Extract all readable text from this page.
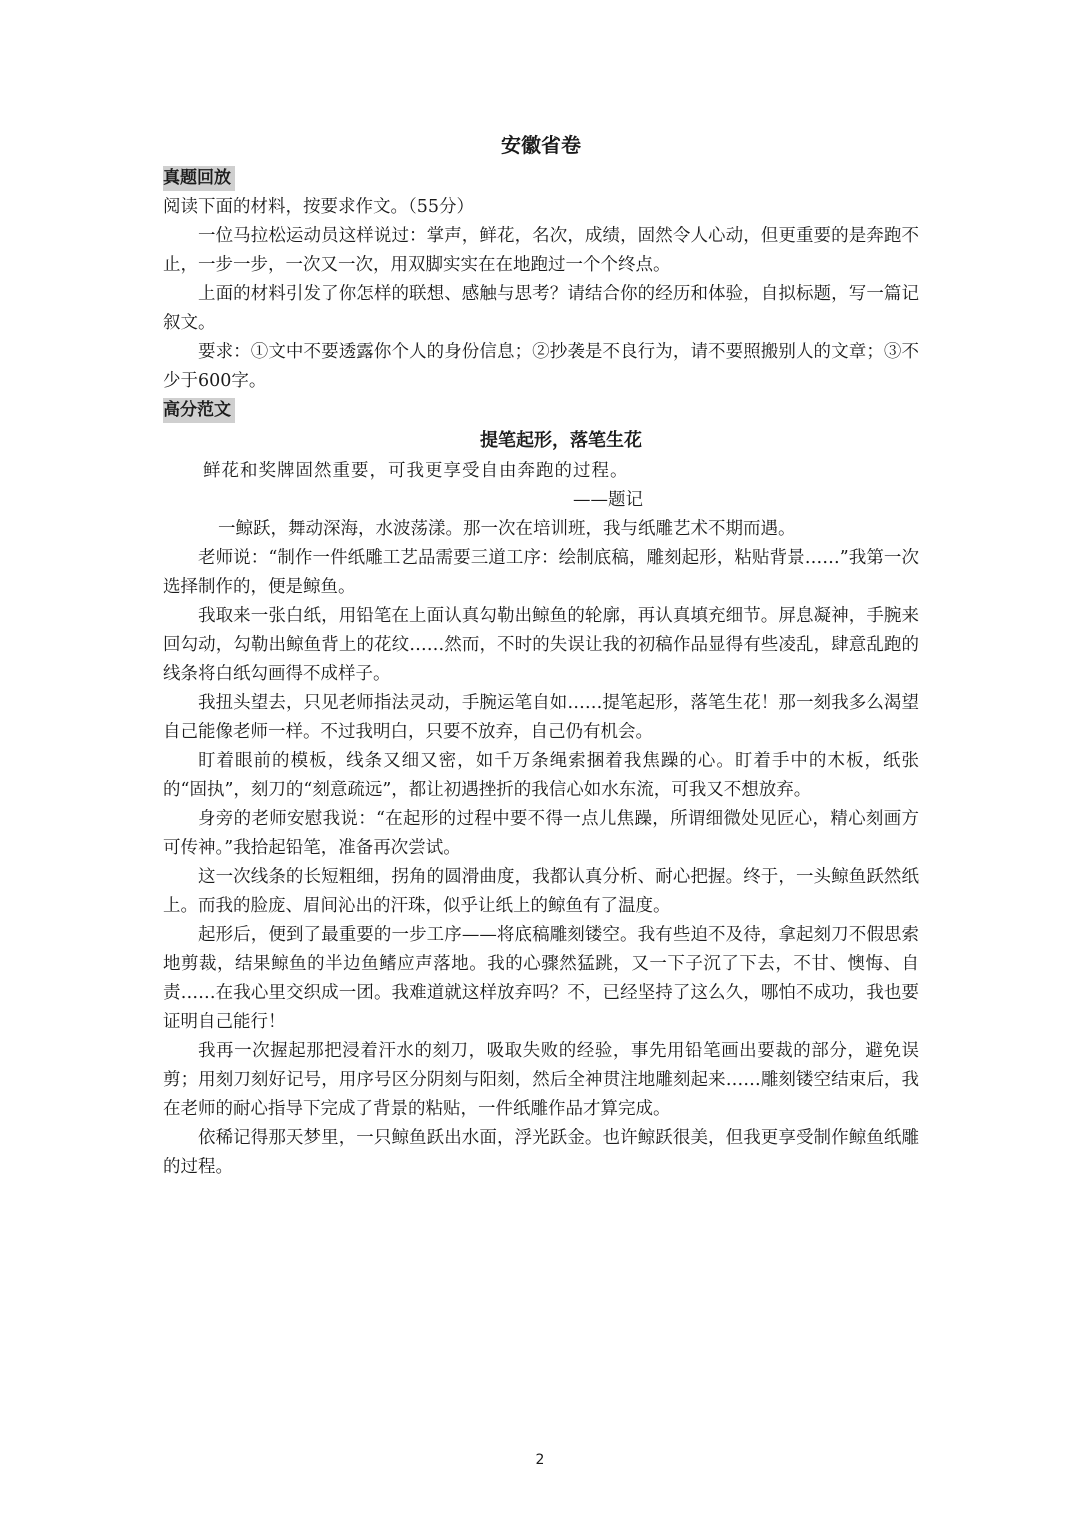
安徽省卷
真题回放

阅读下面的材料，按要求作文。（55分）

一位马拉松运动员这样说过：掌声，鲜花，名次，成绩，固然令人心动，但更重要的是奔跑不止，一步一步，一次又一次，用双脚实实在在地跑过一个个终点。

上面的材料引发了你怎样的联想、感触与思考？请结合你的经历和体验，自拟标题，写一篇记叙文。

要求：①文中不要透露你个人的身份信息；②抄袭是不良行为，请不要照搬别人的文章；③不少于600字。

高分范文
提笔起形，落笔生花

鲜花和奖牌固然重要，可我更享受自由奔跑的过程。

——题记

一鲸跃，舞动深海，水波荡漾。那一次在培训班，我与纸雕艺术不期而遇。

老师说：“制作一件纸雕工艺品需要三道工序：绘制底稿，雕刻起形，粘贴背景……”我第一次选择制作的，便是鲸鱼。

我取来一张白纸，用铅笔在上面认真勾勒出鲸鱼的轮廓，再认真填充细节。屏息凝神，手腕来回勾动，勾勒出鲸鱼背上的花纹……然而，不时的失误让我的初稿作品显得有些凌乱，肆意乱跑的线条将白纸勾画得不成样子。

我扭头望去，只见老师指法灵动，手腕运笔自如……提笔起形，落笔生花！那一刻我多么渴望自己能像老师一样。不过我明白，只要不放弃，自己仍有机会。

盯着眼前的模板，线条又细又密，如千万条绳索捆着我焦躁的心。盯着手中的木板，纸张的“固执”，刻刀的“刻意疏远”，都让初遇挫折的我信心如水东流，可我又不想放弃。

身旁的老师安慰我说：“在起形的过程中要不得一点儿焦躁，所谓细微处见匠心，精心刻画方可传神。”我拾起铅笔，准备再次尝试。

这一次线条的长短粗细，拐角的圆滑曲度，我都认真分析、耐心把握。终于，一头鲸鱼跃然纸上。而我的脸庞、眉间沁出的汗珠，似乎让纸上的鲸鱼有了温度。

起形后，便到了最重要的一步工序——将底稿雕刻镂空。我有些迫不及待，拿起刻刀不假思索地剪裁，结果鲸鱼的半边鱼鳍应声落地。我的心骤然猛跳，又一下子沉了下去，不甘、懊悔、自责……在我心里交织成一团。我难道就这样放弃吗？不，已经坚持了这么久，哪怕不成功，我也要证明自己能行！

我再一次握起那把浸着汗水的刻刀，吸取失败的经验，事先用铅笔画出要裁的部分，避免误剪；用刻刀刻好记号，用序号区分阴刻与阳刻，然后全神贯注地雕刻起来……雕刻镂空结束后，我在老师的耐心指导下完成了背景的粘贴，一件纸雕作品才算完成。

依稀记得那天梦里，一只鲸鱼跃出水面，浮光跃金。也许鲸跃很美，但我更享受制作鲸鱼纸雕的过程。

2
